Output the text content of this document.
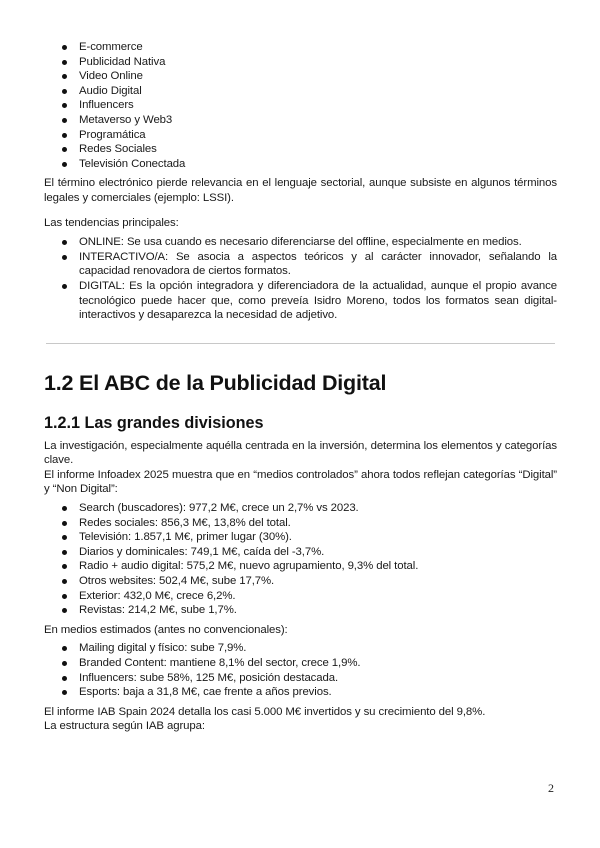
E-commerce
Publicidad Nativa
Video Online
Audio Digital
Influencers
Metaverso y Web3
Programática
Redes Sociales
Televisión Conectada

El término electrónico pierde relevancia en el lenguaje sectorial, aunque subsiste en algunos términos legales y comerciales (ejemplo: LSSI).

Las tendencias principales:

ONLINE: Se usa cuando es necesario diferenciarse del offline, especialmente en medios.
INTERACTIVO/A: Se asocia a aspectos teóricos y al carácter innovador, señalando la capacidad renovadora de ciertos formatos.
DIGITAL: Es la opción integradora y diferenciadora de la actualidad, aunque el propio avance tecnológico puede hacer que, como preveía Isidro Moreno, todos los formatos sean digital-interactivos y desaparezca la necesidad de adjetivo.
1.2 El ABC de la Publicidad Digital
1.2.1 Las grandes divisiones

La investigación, especialmente aquélla centrada en la inversión, determina los elementos y categorías clave.

El informe Infoadex 2025 muestra que en “medios controlados” ahora todos reflejan categorías “Digital” y “Non Digital”:

Search (buscadores): 977,2 M€, crece un 2,7% vs 2023.
Redes sociales: 856,3 M€, 13,8% del total.
Televisión: 1.857,1 M€, primer lugar (30%).
Diarios y dominicales: 749,1 M€, caída del -3,7%.
Radio + audio digital: 575,2 M€, nuevo agrupamiento, 9,3% del total.
Otros websites: 502,4 M€, sube 17,7%.
Exterior: 432,0 M€, crece 6,2%.
Revistas: 214,2 M€, sube 1,7%.

En medios estimados (antes no convencionales):

Mailing digital y físico: sube 7,9%.
Branded Content: mantiene 8,1% del sector, crece 1,9%.
Influencers: sube 58%, 125 M€, posición destacada.
Esports: baja a 31,8 M€, cae frente a años previos.

El informe IAB Spain 2024 detalla los casi 5.000 M€ invertidos y su crecimiento del 9,8%.

La estructura según IAB agrupa:

2
